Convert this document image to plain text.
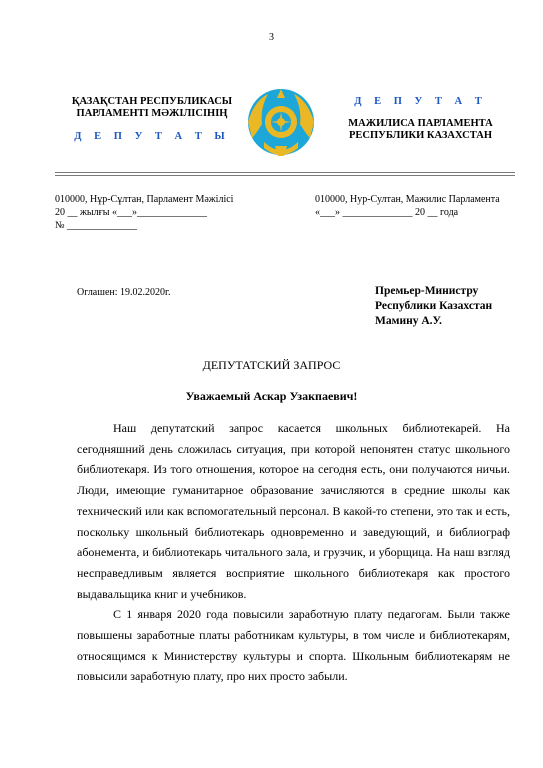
3
ҚАЗАҚСТАН РЕСПУБЛИКАСЫ
ПАРЛАМЕНТІ МӘЖІЛІСІНІҢ
Д Е П У Т А Т Ы
Д Е П У Т А Т
МАЖИЛИСА ПАРЛАМЕНТА
РЕСПУБЛИКИ КАЗАХСТАН
010000, Нұр-Сұлтан, Парламент Мәжілісі
20 __ жылғы «___»______________
№ ______________
010000, Нур-Султан, Мажилис Парламента
«___» ______________ 20 __ года
Оглашен: 19.02.2020г.	Премьер-Министру
Республики Казахстан
Мамину А.У.
ДЕПУТАТСКИЙ ЗАПРОС
Уважаемый Аскар Узакпаевич!

Наш депутатский запрос касается школьных библиотекарей. На сегодняшний день сложилась ситуация, при которой непонятен статус школьного библиотекаря. Из того отношения, которое на сегодня есть, они получаются ничьи. Люди, имеющие гуманитарное образование зачисляются в средние школы как технический или как вспомогательный персонал. В какой-то степени, это так и есть, поскольку школьный библиотекарь одновременно и заведующий, и библиограф абонемента, и библиотекарь читального зала, и грузчик, и уборщица. На наш взгляд несправедливым является восприятие школьного библиотекаря как простого выдавальщика книг и учебников.

С 1 января 2020 года повысили заработную плату педагогам. Были также повышены заработные платы работникам культуры, в том числе и библиотекарям, относящимся к Министерству культуры и спорта. Школьным библиотекарям не повысили заработную плату, про них просто забыли.
